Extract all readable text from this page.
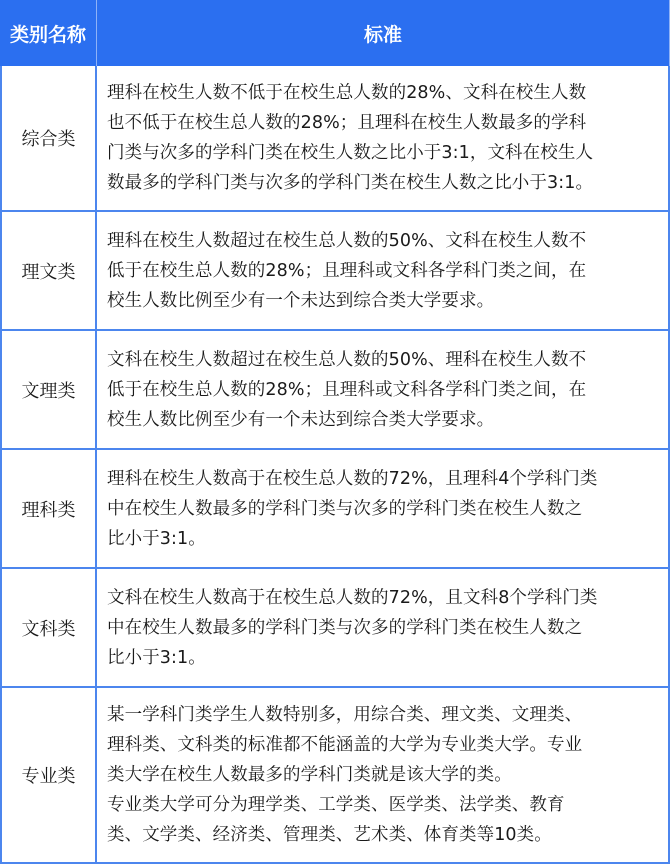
类别名称	标准
综合类
理科在校生人数不低于在校生总人数的28%、文科在校生人数
也不低于在校生总人数的28%；且理科在校生人数最多的学科
门类与次多的学科门类在校生人数之比小于3:1，文科在校生人
数最多的学科门类与次多的学科门类在校生人数之比小于3:1。
理文类
理科在校生人数超过在校生总人数的50%、文科在校生人数不
低于在校生总人数的28%；且理科或文科各学科门类之间，在
校生人数比例至少有一个未达到综合类大学要求。
文理类
文科在校生人数超过在校生总人数的50%、理科在校生人数不
低于在校生总人数的28%；且理科或文科各学科门类之间，在
校生人数比例至少有一个未达到综合类大学要求。
理科类
理科在校生人数高于在校生总人数的72%，且理科4个学科门类
中在校生人数最多的学科门类与次多的学科门类在校生人数之
比小于3:1。
文科类
文科在校生人数高于在校生总人数的72%，且文科8个学科门类
中在校生人数最多的学科门类与次多的学科门类在校生人数之
比小于3:1。
专业类
某一学科门类学生人数特别多，用综合类、理文类、文理类、
理科类、文科类的标准都不能涵盖的大学为专业类大学。专业
类大学在校生人数最多的学科门类就是该大学的类。
专业类大学可分为理学类、工学类、医学类、法学类、教育
类、文学类、经济类、管理类、艺术类、体育类等10类。
